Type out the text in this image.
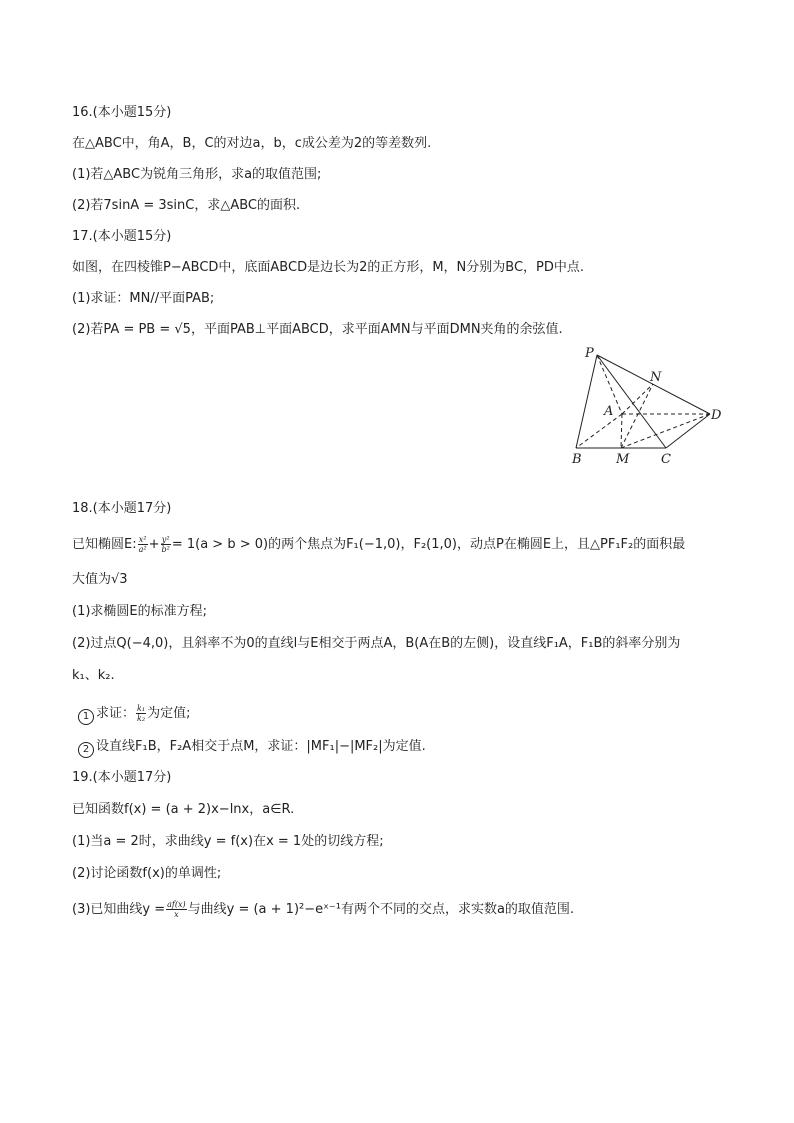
16.(本小题15分)
在△ABC中，角A，B，C的对边a，b，c成公差为2的等差数列.
(1)若△ABC为锐角三角形，求a的取值范围;
(2)若7sinA = 3sinC，求△ABC的面积.
17.(本小题15分)
如图，在四棱锥P−ABCD中，底面ABCD是边长为2的正方形，M，N分别为BC，PD中点.
(1)求证：MN//平面PAB;
(2)若PA = PB = √5，平面PAB⊥平面ABCD，求平面AMN与平面DMN夹角的余弦值.
P
N
A	D
B	M C
18.(本小题17分)
已知椭圆E: $\frac{\text{x²}}{\text{a²}} + \frac{\text{y²}}{\text{b²}} = 1(a > b > 0)$的两个焦点为F₁(−1,0)，F₂(1,0)，动点P在椭圆E上，且△PF₁F₂的面积最
大值为√3
(1)求椭圆E的标准方程;
(2)过点Q(−4,0)，且斜率不为0的直线l与E相交于两点A，B(A在B的左侧)，设直线F₁A，F₁B的斜率分别为
k₁、k₂.
1 求证： $\frac{\text{k₁}}{\text{k₂}}$ 为定值;
2 设直线F₁B，F₂A相交于点M，求证：|MF₁|−|MF₂|为定值.
19.(本小题17分)
已知函数f(x) = (a + 2)x−lnx，a∈R.
(1)当a = 2时，求曲线y = f(x)在x = 1处的切线方程;
(2)讨论函数f(x)的单调性;
(3)已知曲线$y = \frac{af(x)}{x}$ 与曲线y = (a + 1)²−eˣ⁻¹有两个不同的交点，求实数a的取值范围.
